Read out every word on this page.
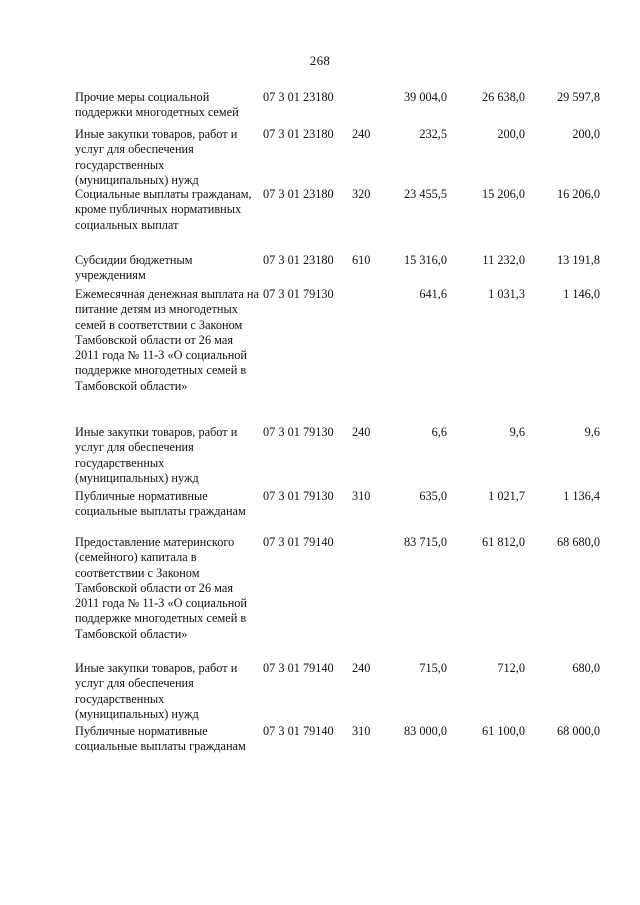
268
Прочие меры социальной поддержки многодетных семей
07 3 01 23180	39 004,0	26 638,0	29 597,8
Иные закупки товаров, работ и услуг для обеспечения государственных (муниципальных) нужд
07 3 01 23180 240	232,5	200,0	200,0
Социальные выплаты гражданам, кроме публичных нормативных социальных выплат
07 3 01 23180 320	23 455,5	15 206,0	16 206,0
Субсидии бюджетным учреждениям
07 3 01 23180 610	15 316,0	11 232,0	13 191,8
Ежемесячная денежная выплата на питание детям из многодетных семей в соответствии с Законом Тамбовской области от 26 мая 2011 года № 11-З «О социальной поддержке многодетных семей в Тамбовской области»
07 3 01 79130	641,6	1 031,3	1 146,0
Иные закупки товаров, работ и услуг для обеспечения государственных (муниципальных) нужд
07 3 01 79130 240	6,6	9,6	9,6
Публичные нормативные социальные выплаты гражданам
07 3 01 79130 310	635,0	1 021,7	1 136,4
Предоставление материнского (семейного) капитала в соответствии с Законом Тамбовской области от 26 мая 2011 года № 11-З «О социальной поддержке многодетных семей в Тамбовской области»
07 3 01 79140	83 715,0	61 812,0	68 680,0
Иные закупки товаров, работ и услуг для обеспечения государственных (муниципальных) нужд
07 3 01 79140 240	715,0	712,0	680,0
Публичные нормативные социальные выплаты гражданам
07 3 01 79140 310	83 000,0	61 100,0	68 000,0
